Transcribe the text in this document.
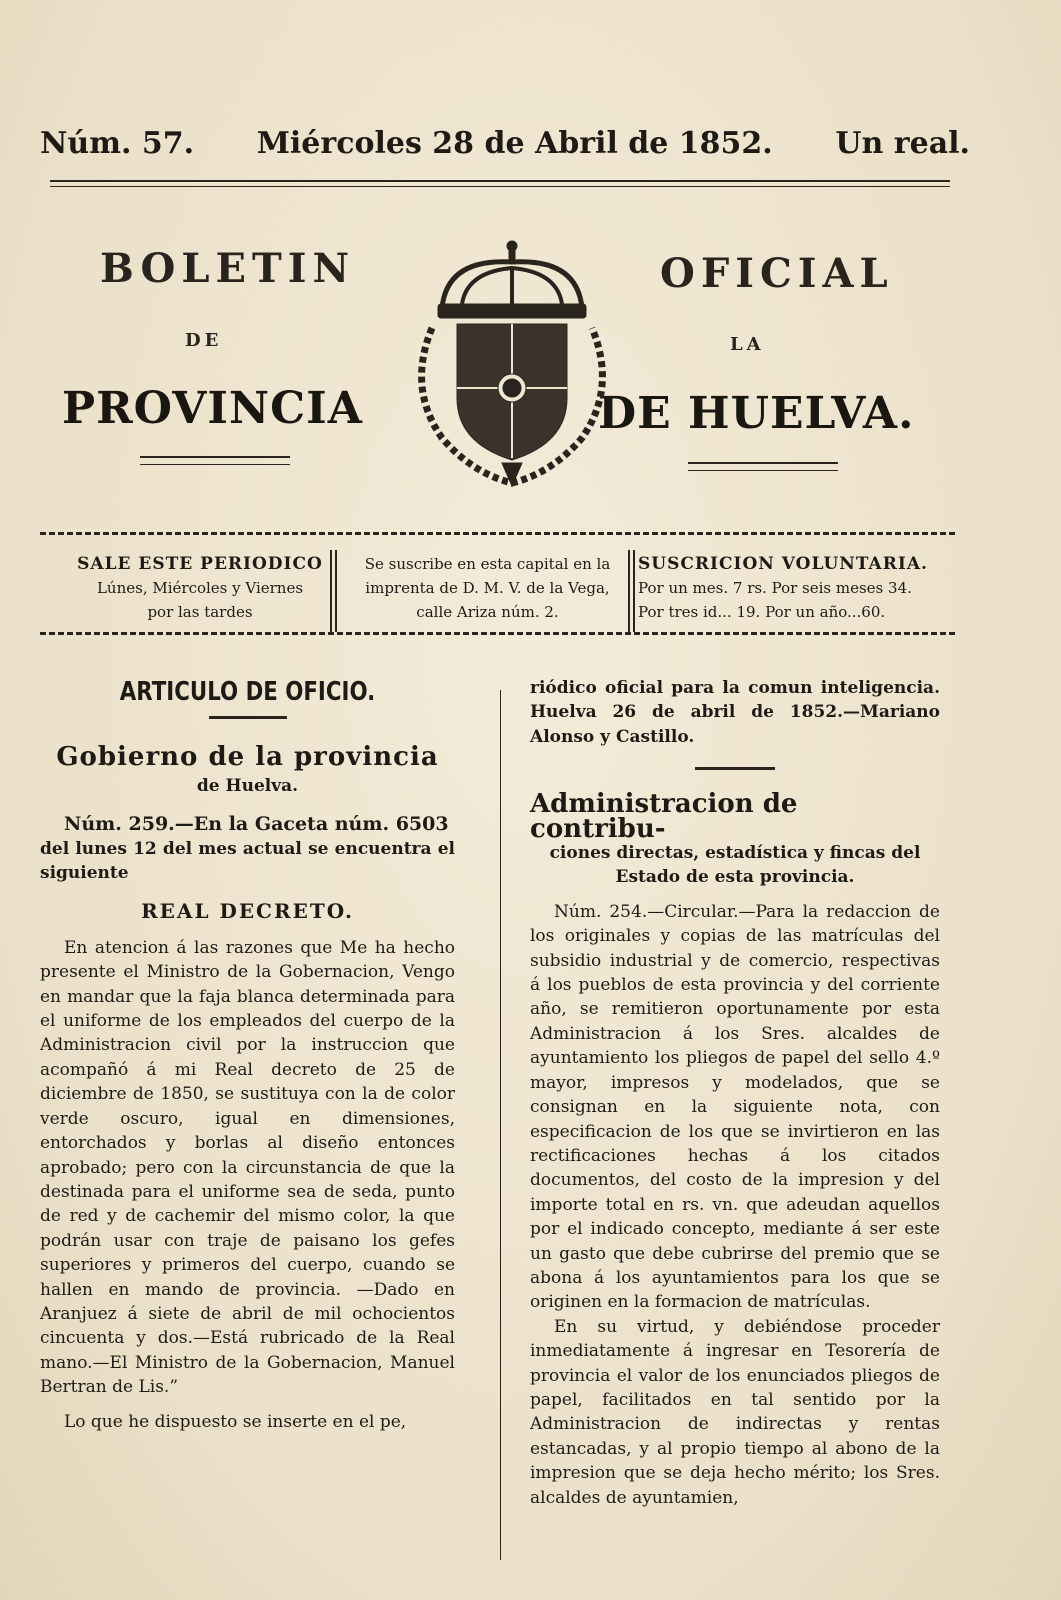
Núm. 57. Miércoles 28 de Abril de 1852. Un real.
BOLETIN	OFICIAL
DE	LA
PROVINCIA	DE HUELVA.
SALE ESTE PERIODICO
Lúnes, Miércoles y Viernes
por las tardes
Se suscribe en esta capital en la
imprenta de D. M. V. de la Vega,
calle Ariza núm. 2.
SUSCRICION VOLUNTARIA.
Por un mes. 7 rs. Por seis meses 34.
Por tres id... 19. Por un año...60.
ARTICULO DE OFICIO.
Gobierno de la provincia
de Huelva.

Núm. 259.—En la Gaceta núm. 6503

del lunes 12 del mes actual se encuentra el siguiente

REAL DECRETO.

En atencion á las razones que Me ha hecho presente el Ministro de la Gobernacion, Vengo en mandar que la faja blanca determinada para el uniforme de los empleados del cuerpo de la Administracion civil por la instruccion que acompañó á mi Real decreto de 25 de diciembre de 1850, se sustituya con la de color verde oscuro, igual en dimensiones, entorchados y borlas al diseño entonces aprobado; pero con la circunstancia de que la destinada para el uniforme sea de seda, punto de red y de cachemir del mismo color, la que podrán usar con traje de paisano los gefes superiores y primeros del cuerpo, cuando se hallen en mando de provincia. —Dado en Aranjuez á siete de abril de mil ochocientos cincuenta y dos.—Está rubricado de la Real mano.—El Ministro de la Gobernacion, Manuel Bertran de Lis.”

Lo que he dispuesto se inserte en el pe,

riódico oficial para la comun inteligencia. Huelva 26 de abril de 1852.—Mariano Alonso y Castillo.

Administracion de contribu-
ciones directas, estadística y fincas del Estado de esta provincia.

Núm. 254.—Circular.—Para la redaccion de los originales y copias de las matrículas del subsidio industrial y de comercio, respectivas á los pueblos de esta provincia y del corriente año, se remitieron oportunamente por esta Administracion á los Sres. alcaldes de ayuntamiento los pliegos de papel del sello 4.º mayor, impresos y modelados, que se consignan en la siguiente nota, con especificacion de los que se invirtieron en las rectificaciones hechas á los citados documentos, del costo de la impresion y del importe total en rs. vn. que adeudan aquellos por el indicado concepto, mediante á ser este un gasto que debe cubrirse del premio que se abona á los ayuntamientos para los que se originen en la formacion de matrículas.

En su virtud, y debiéndose proceder inmediatamente á ingresar en Tesorería de provincia el valor de los enunciados pliegos de papel, facilitados en tal sentido por la Administracion de indirectas y rentas estancadas, y al propio tiempo al abono de la impresion que se deja hecho mérito; los Sres. alcaldes de ayuntamien,
